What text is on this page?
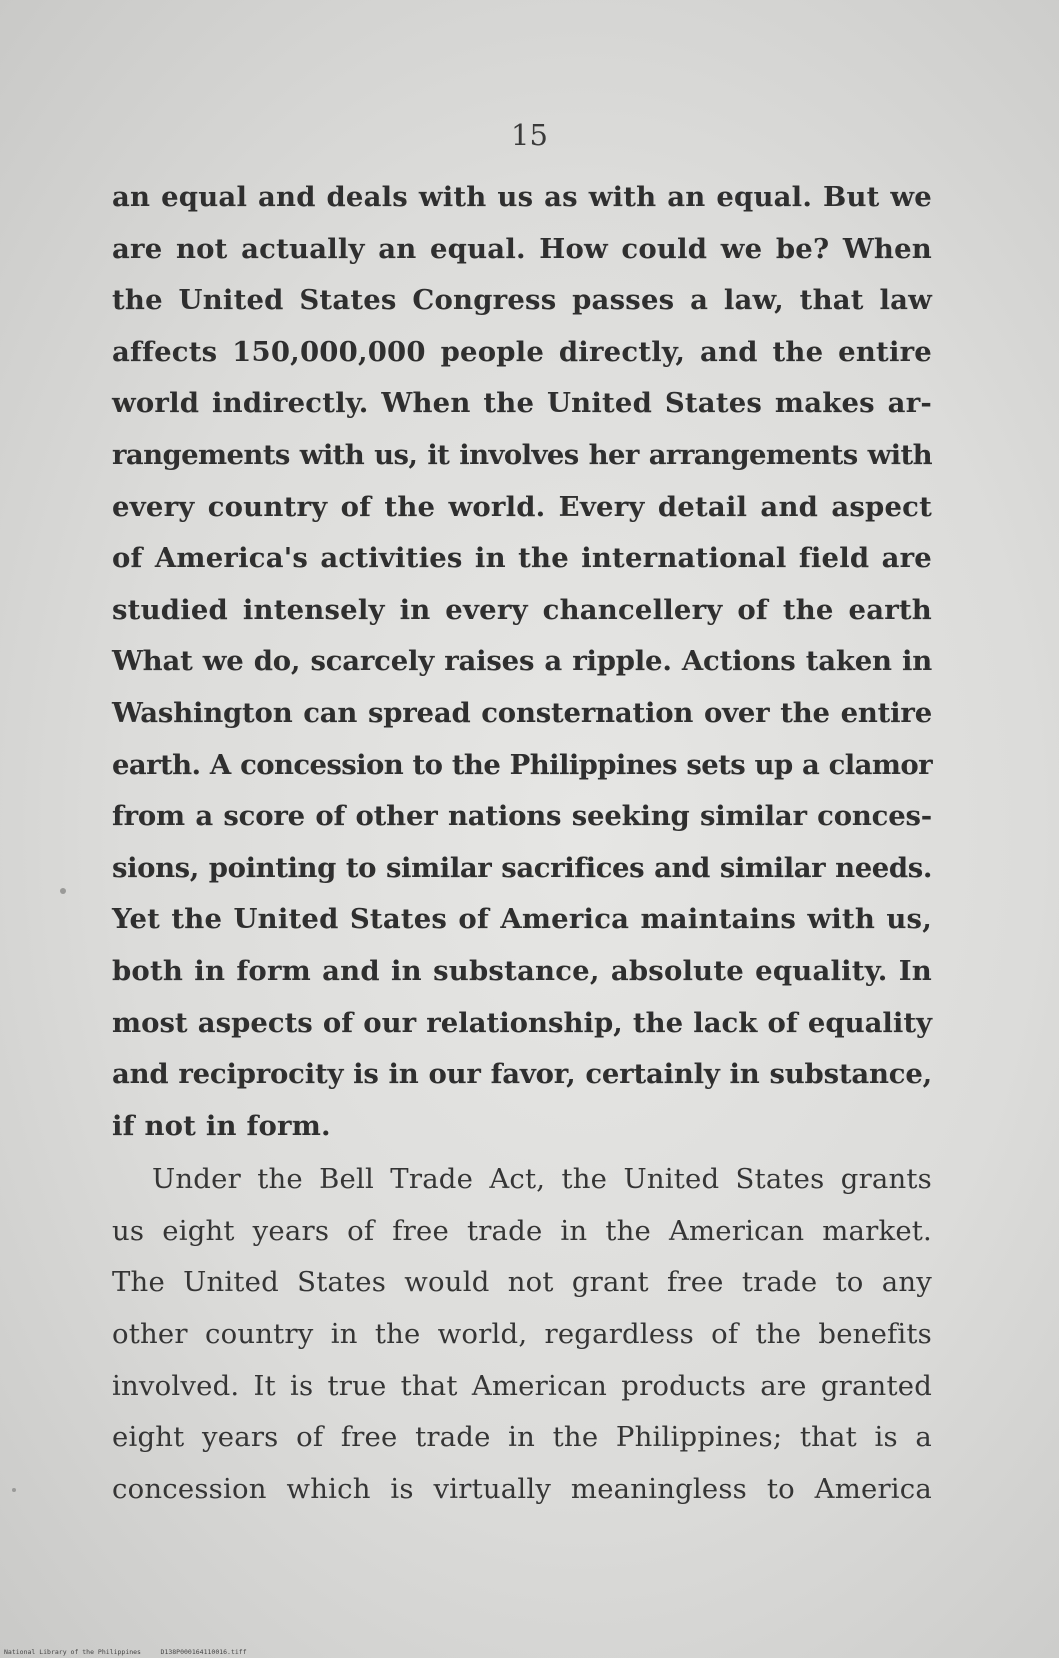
15
an equal and deals with us as with an equal. But we
are not actually an equal. How could we be? When
the United States Congress passes a law, that law
affects 150,000,000 people directly, and the entire
world indirectly. When the United States makes ar-
rangements with us, it involves her arrangements with
every country of the world. Every detail and aspect
of America's activities in the international field are
studied intensely in every chancellery of the earth
What we do, scarcely raises a ripple. Actions taken in
Washington can spread consternation over the entire
earth. A concession to the Philippines sets up a clamor
from a score of other nations seeking similar conces-
sions, pointing to similar sacrifices and similar needs.
Yet the United States of America maintains with us,
both in form and in substance, absolute equality. In
most aspects of our relationship, the lack of equality
and reciprocity is in our favor, certainly in substance,
if not in form.
Under the Bell Trade Act, the United States grants
us eight years of free trade in the American market.
The United States would not grant free trade to any
other country in the world, regardless of the benefits
involved. It is true that American products are granted
eight years of free trade in the Philippines; that is a
concession which is virtually meaningless to America
National Library of the Philippines     D138P000164110016.tiff
